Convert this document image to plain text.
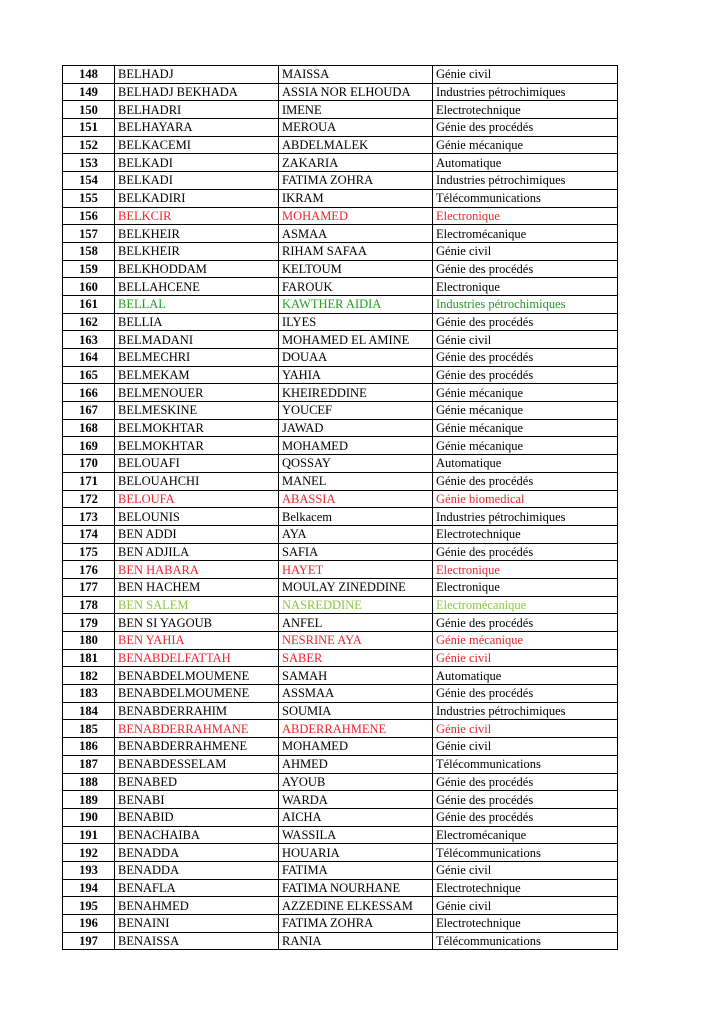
148	BELHADJ	MAISSA	Génie civil
149	BELHADJ BEKHADA	ASSIA NOR ELHOUDA	Industries pétrochimiques
150	BELHADRI	IMENE	Electrotechnique
151	BELHAYARA	MEROUA	Génie des procédés
152	BELKACEMI	ABDELMALEK	Génie mécanique
153	BELKADI	ZAKARIA	Automatique
154	BELKADI	FATIMA ZOHRA	Industries pétrochimiques
155	BELKADIRI	IKRAM	Télécommunications
156	BELKCIR	MOHAMED	Electronique
157	BELKHEIR	ASMAA	Electromécanique
158	BELKHEIR	RIHAM SAFAA	Génie civil
159	BELKHODDAM	KELTOUM	Génie des procédés
160	BELLAHCENE	FAROUK	Electronique
161	BELLAL	KAWTHER AIDIA	Industries pétrochimiques
162	BELLIA	ILYES	Génie des procédés
163	BELMADANI	MOHAMED EL AMINE	Génie civil
164	BELMECHRI	DOUAA	Génie des procédés
165	BELMEKAM	YAHIA	Génie des procédés
166	BELMENOUER	KHEIREDDINE	Génie mécanique
167	BELMESKINE	YOUCEF	Génie mécanique
168	BELMOKHTAR	JAWAD	Génie mécanique
169	BELMOKHTAR	MOHAMED	Génie mécanique
170	BELOUAFI	QOSSAY	Automatique
171	BELOUAHCHI	MANEL	Génie des procédés
172	BELOUFA	ABASSIA	Génie biomedical
173	BELOUNIS	Belkacem	Industries pétrochimiques
174	BEN ADDI	AYA	Electrotechnique
175	BEN ADJILA	SAFIA	Génie des procédés
176	BEN HABARA	HAYET	Electronique
177	BEN HACHEM	MOULAY ZINEDDINE	Electronique
178	BEN SALEM	NASREDDINE	Electromécanique
179	BEN SI YAGOUB	ANFEL	Génie des procédés
180	BEN YAHIA	NESRINE AYA	Génie mécanique
181	BENABDELFATTAH	SABER	Génie civil
182	BENABDELMOUMENE	SAMAH	Automatique
183	BENABDELMOUMENE	ASSMAA	Génie des procédés
184	BENABDERRAHIM	SOUMIA	Industries pétrochimiques
185	BENABDERRAHMANE	ABDERRAHMENE	Génie civil
186	BENABDERRAHMENE	MOHAMED	Génie civil
187	BENABDESSELAM	AHMED	Télécommunications
188	BENABED	AYOUB	Génie des procédés
189	BENABI	WARDA	Génie des procédés
190	BENABID	AICHA	Génie des procédés
191	BENACHAIBA	WASSILA	Electromécanique
192	BENADDA	HOUARIA	Télécommunications
193	BENADDA	FATIMA	Génie civil
194	BENAFLA	FATIMA NOURHANE	Electrotechnique
195	BENAHMED	AZZEDINE ELKESSAM	Génie civil
196	BENAINI	FATIMA ZOHRA	Electrotechnique
197	BENAISSA	RANIA	Télécommunications
